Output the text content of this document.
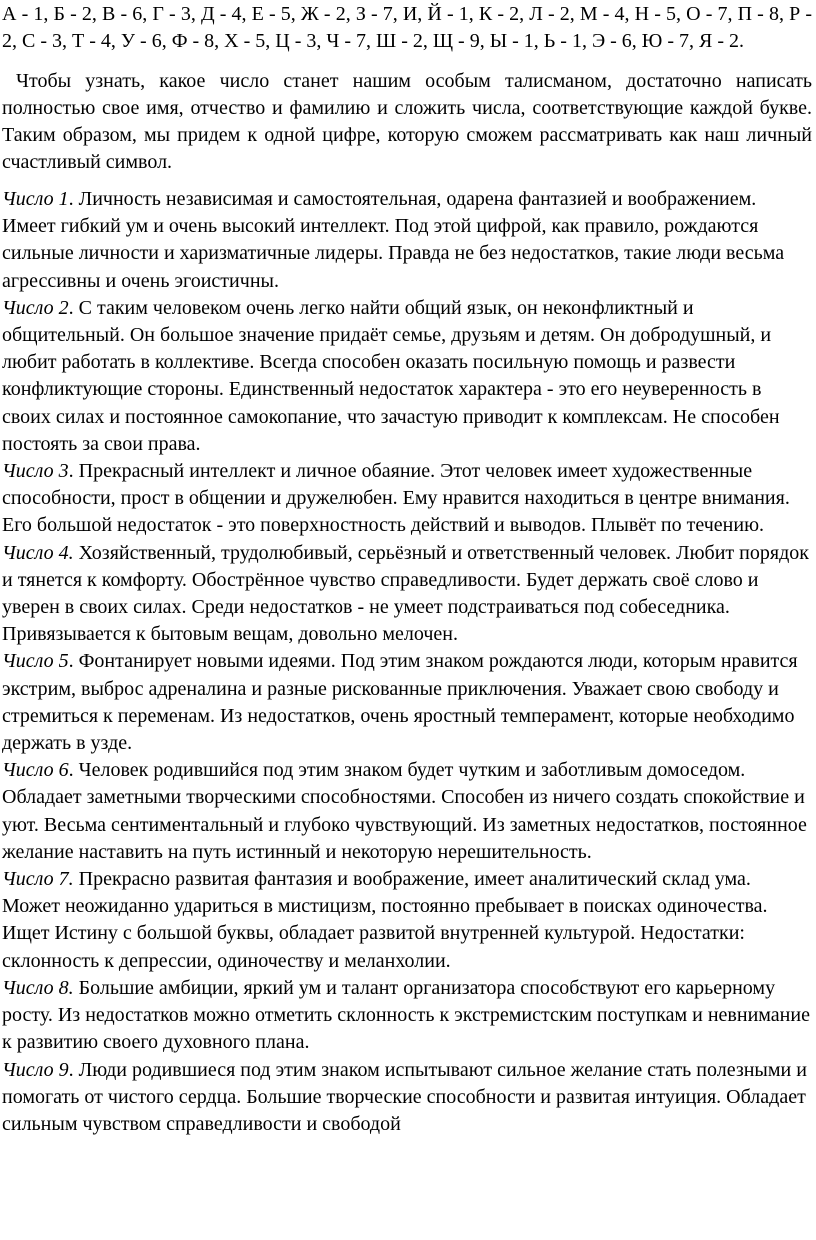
А - 1, Б - 2, В - 6, Г - 3, Д - 4, Е - 5, Ж - 2, З - 7, И, Й - 1, К - 2, Л - 2, М - 4, Н - 5, О - 7, П - 8, Р - 2, С - 3, Т - 4, У - 6, Ф - 8, Х - 5, Ц - 3, Ч - 7, Ш - 2, Щ - 9, Ы - 1, Ь - 1, Э - 6, Ю - 7, Я - 2.

Чтобы узнать, какое число станет нашим особым талисманом, достаточно написать полностью свое имя, отчество и фамилию и сложить числа, соответствующие каждой букве. Таким образом, мы придем к одной цифре, которую сможем рассматривать как наш личный счастливый символ.

Число 1. Личность независимая и самостоятельная, одарена фантазией и воображением. Имеет гибкий ум и очень высокий интеллект. Под этой цифрой, как правило, рождаются сильные личности и харизматичные лидеры. Правда не без недостатков, такие люди весьма агрессивны и очень эгоистичны.

Число 2. С таким человеком очень легко найти общий язык, он неконфликтный и общительный. Он большое значение придаёт семье, друзьям и детям. Он добродушный, и любит работать в коллективе. Всегда способен оказать посильную помощь и развести конфликтующие стороны. Единственный недостаток характера - это его неуверенность в своих силах и постоянное самокопание, что зачастую приводит к комплексам. Не способен постоять за свои права.

Число 3. Прекрасный интеллект и личное обаяние. Этот человек имеет художественные способности, прост в общении и дружелюбен. Ему нравится находиться в центре внимания. Его большой недостаток - это поверхностность действий и выводов. Плывёт по течению.

Число 4. Хозяйственный, трудолюбивый, серьёзный и ответственный человек. Любит порядок и тянется к комфорту. Обострённое чувство справедливости. Будет держать своё слово и уверен в своих силах. Среди недостатков - не умеет подстраиваться под собеседника. Привязывается к бытовым вещам, довольно мелочен.

Число 5. Фонтанирует новыми идеями. Под этим знаком рождаются люди, которым нравится экстрим, выброс адреналина и разные рискованные приключения. Уважает свою свободу и стремиться к переменам. Из недостатков, очень яростный темперамент, которые необходимо держать в узде.

Число 6. Человек родившийся под этим знаком будет чутким и заботливым домоседом. Обладает заметными творческими способностями. Способен из ничего создать спокойствие и уют. Весьма сентиментальный и глубоко чувствующий. Из заметных недостатков, постоянное желание наставить на путь истинный и некоторую нерешительность.

Число 7. Прекрасно развитая фантазия и воображение, имеет аналитический склад ума. Может неожиданно удариться в мистицизм, постоянно пребывает в поисках одиночества. Ищет Истину с большой буквы, обладает развитой внутренней культурой. Недостатки: склонность к депрессии, одиночеству и меланхолии.

Число 8. Большие амбиции, яркий ум и талант организатора способствуют его карьерному росту. Из недостатков можно отметить склонность к экстремистским поступкам и невнимание к развитию своего духовного плана.

Число 9. Люди родившиеся под этим знаком испытывают сильное желание стать полезными и помогать от чистого сердца. Большие творческие способности и развитая интуиция. Обладает сильным чувством справедливости и свободой
